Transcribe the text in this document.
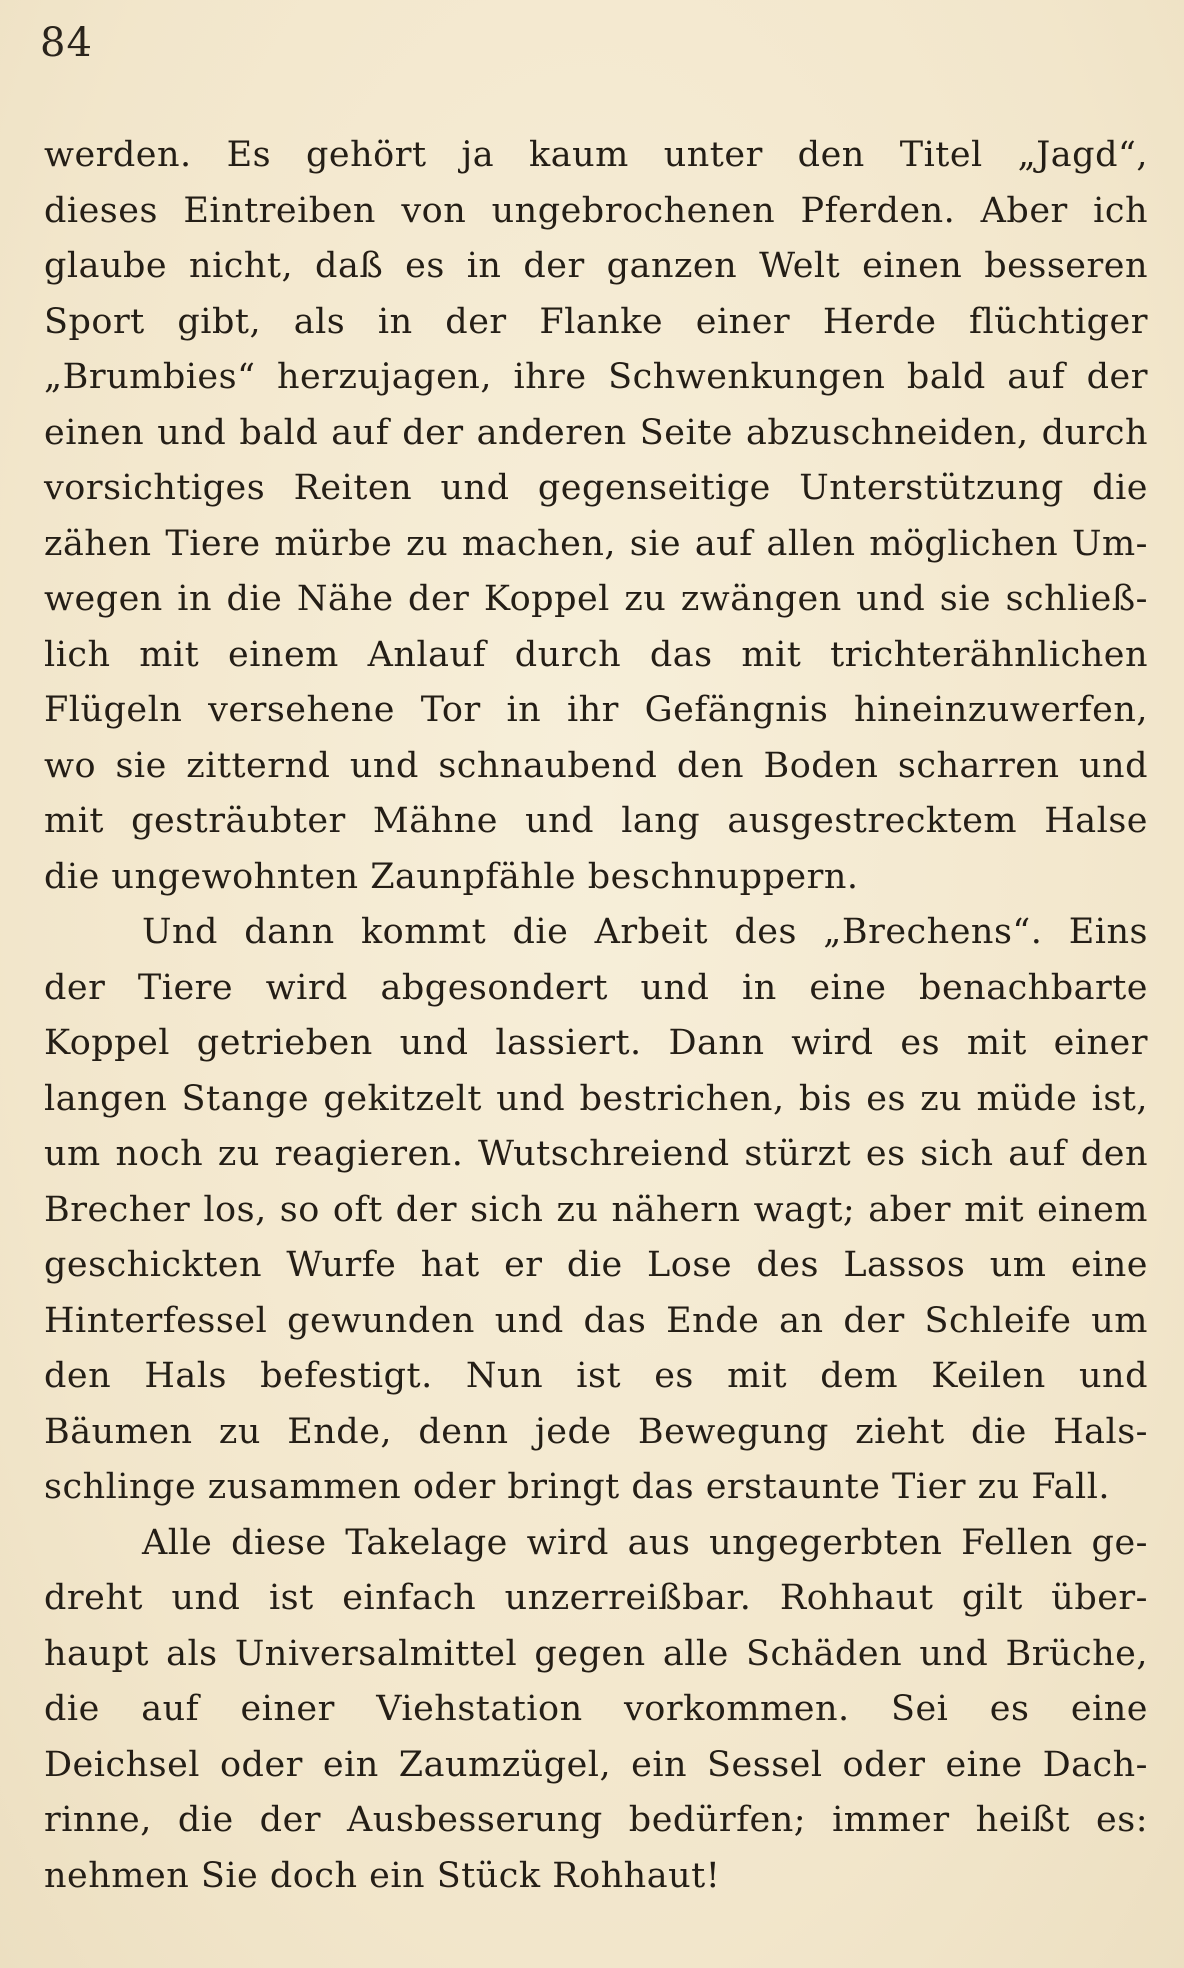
84
werden. Es gehört ja kaum unter den Titel „Jagd“,
dieses Eintreiben von ungebrochenen Pferden. Aber ich
glaube nicht, daß es in der ganzen Welt einen besseren
Sport gibt, als in der Flanke einer Herde flüchtiger
„Brumbies“ herzujagen, ihre Schwenkungen bald auf der
einen und bald auf der anderen Seite abzuschneiden, durch
vorsichtiges Reiten und gegenseitige Unterstützung die
zähen Tiere mürbe zu machen, sie auf allen möglichen Um-
wegen in die Nähe der Koppel zu zwängen und sie schließ-
lich mit einem Anlauf durch das mit trichterähnlichen
Flügeln versehene Tor in ihr Gefängnis hineinzuwerfen,
wo sie zitternd und schnaubend den Boden scharren und
mit gesträubter Mähne und lang ausgestrecktem Halse
die ungewohnten Zaunpfähle beschnuppern.
Und dann kommt die Arbeit des „Brechens“. Eins
der Tiere wird abgesondert und in eine benachbarte
Koppel getrieben und lassiert. Dann wird es mit einer
langen Stange gekitzelt und bestrichen, bis es zu müde ist,
um noch zu reagieren. Wutschreiend stürzt es sich auf den
Brecher los, so oft der sich zu nähern wagt; aber mit einem
geschickten Wurfe hat er die Lose des Lassos um eine
Hinterfessel gewunden und das Ende an der Schleife um
den Hals befestigt. Nun ist es mit dem Keilen und
Bäumen zu Ende, denn jede Bewegung zieht die Hals-
schlinge zusammen oder bringt das erstaunte Tier zu Fall.
Alle diese Takelage wird aus ungegerbten Fellen ge-
dreht und ist einfach unzerreißbar. Rohhaut gilt über-
haupt als Universalmittel gegen alle Schäden und Brüche,
die auf einer Viehstation vorkommen. Sei es eine
Deichsel oder ein Zaumzügel, ein Sessel oder eine Dach-
rinne, die der Ausbesserung bedürfen; immer heißt es:
nehmen Sie doch ein Stück Rohhaut!
